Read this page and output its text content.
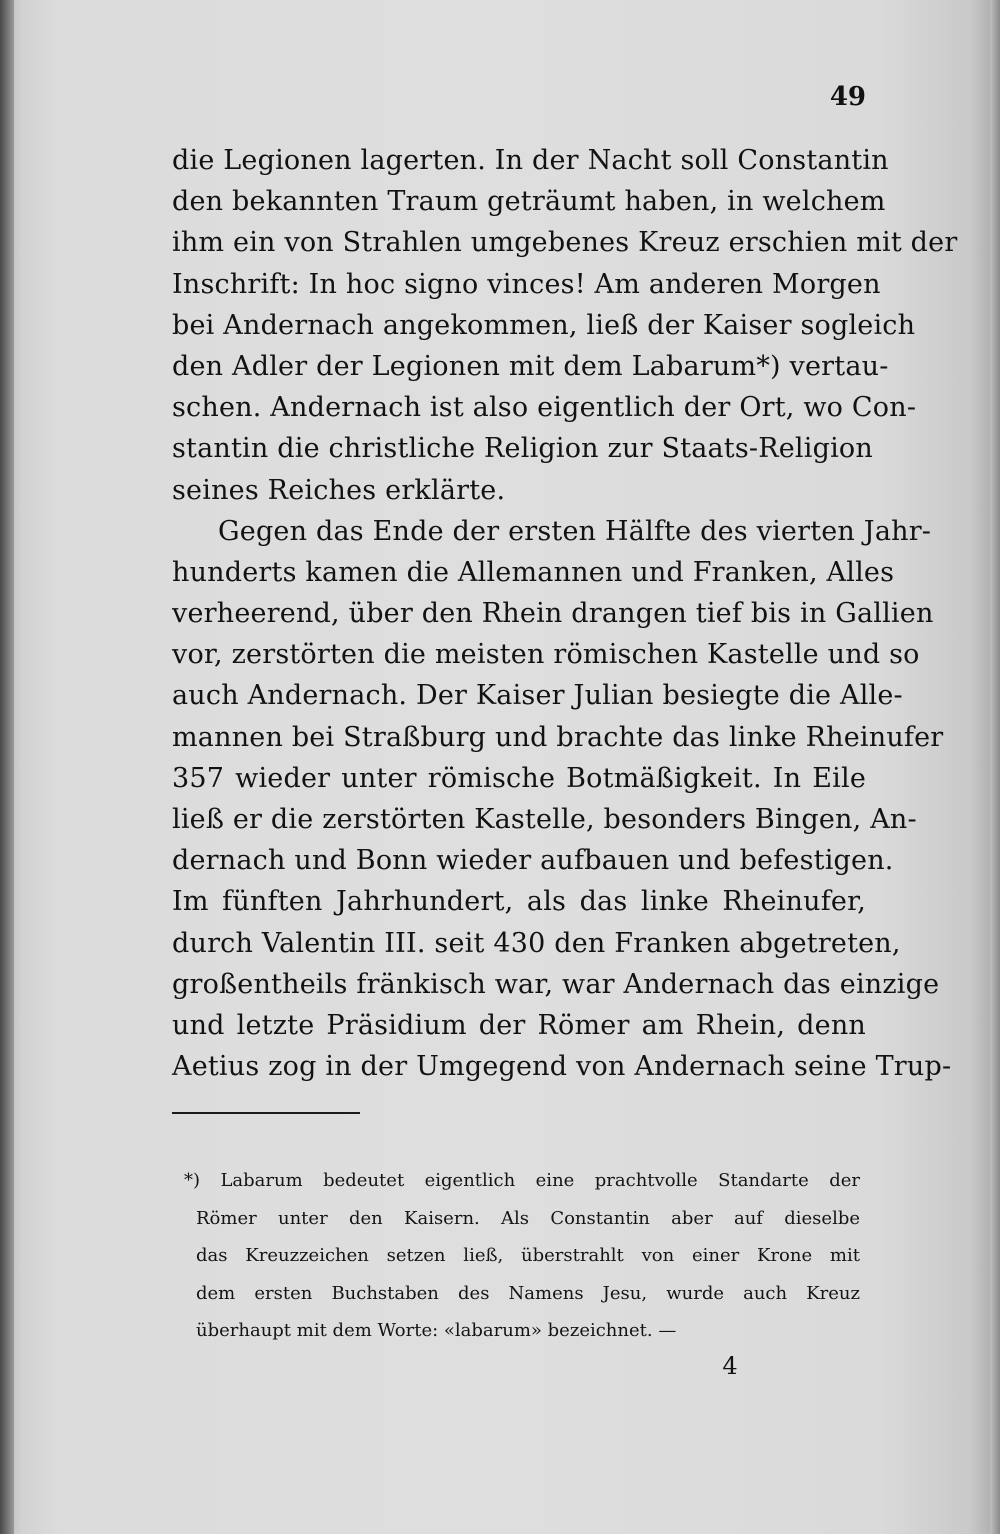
49
die Legionen lagerten. In der Nacht soll Constantin
den bekannten Traum geträumt haben, in welchem
ihm ein von Strahlen umgebenes Kreuz erschien mit der
Inschrift: In hoc signo vinces! Am anderen Morgen
bei Andernach angekommen, ließ der Kaiser sogleich
den Adler der Legionen mit dem Labarum*) vertau-
schen. Andernach ist also eigentlich der Ort, wo Con-
stantin die christliche Religion zur Staats-Religion
seines Reiches erklärte.
Gegen das Ende der ersten Hälfte des vierten Jahr-
hunderts kamen die Allemannen und Franken, Alles
verheerend, über den Rhein drangen tief bis in Gallien
vor, zerstörten die meisten römischen Kastelle und so
auch Andernach. Der Kaiser Julian besiegte die Alle-
mannen bei Straßburg und brachte das linke Rheinufer
357 wieder unter römische Botmäßigkeit. In Eile
ließ er die zerstörten Kastelle, besonders Bingen, An-
dernach und Bonn wieder aufbauen und befestigen.
Im fünften Jahrhundert, als das linke Rheinufer,
durch Valentin III. seit 430 den Franken abgetreten,
großentheils fränkisch war, war Andernach das einzige
und letzte Präsidium der Römer am Rhein, denn
Aetius zog in der Umgegend von Andernach seine Trup-
*) Labarum bedeutet eigentlich eine prachtvolle Standarte der
Römer unter den Kaisern. Als Constantin aber auf dieselbe
das Kreuzzeichen setzen ließ, überstrahlt von einer Krone mit
dem ersten Buchstaben des Namens Jesu, wurde auch Kreuz
überhaupt mit dem Worte: «labarum» bezeichnet. —
4
